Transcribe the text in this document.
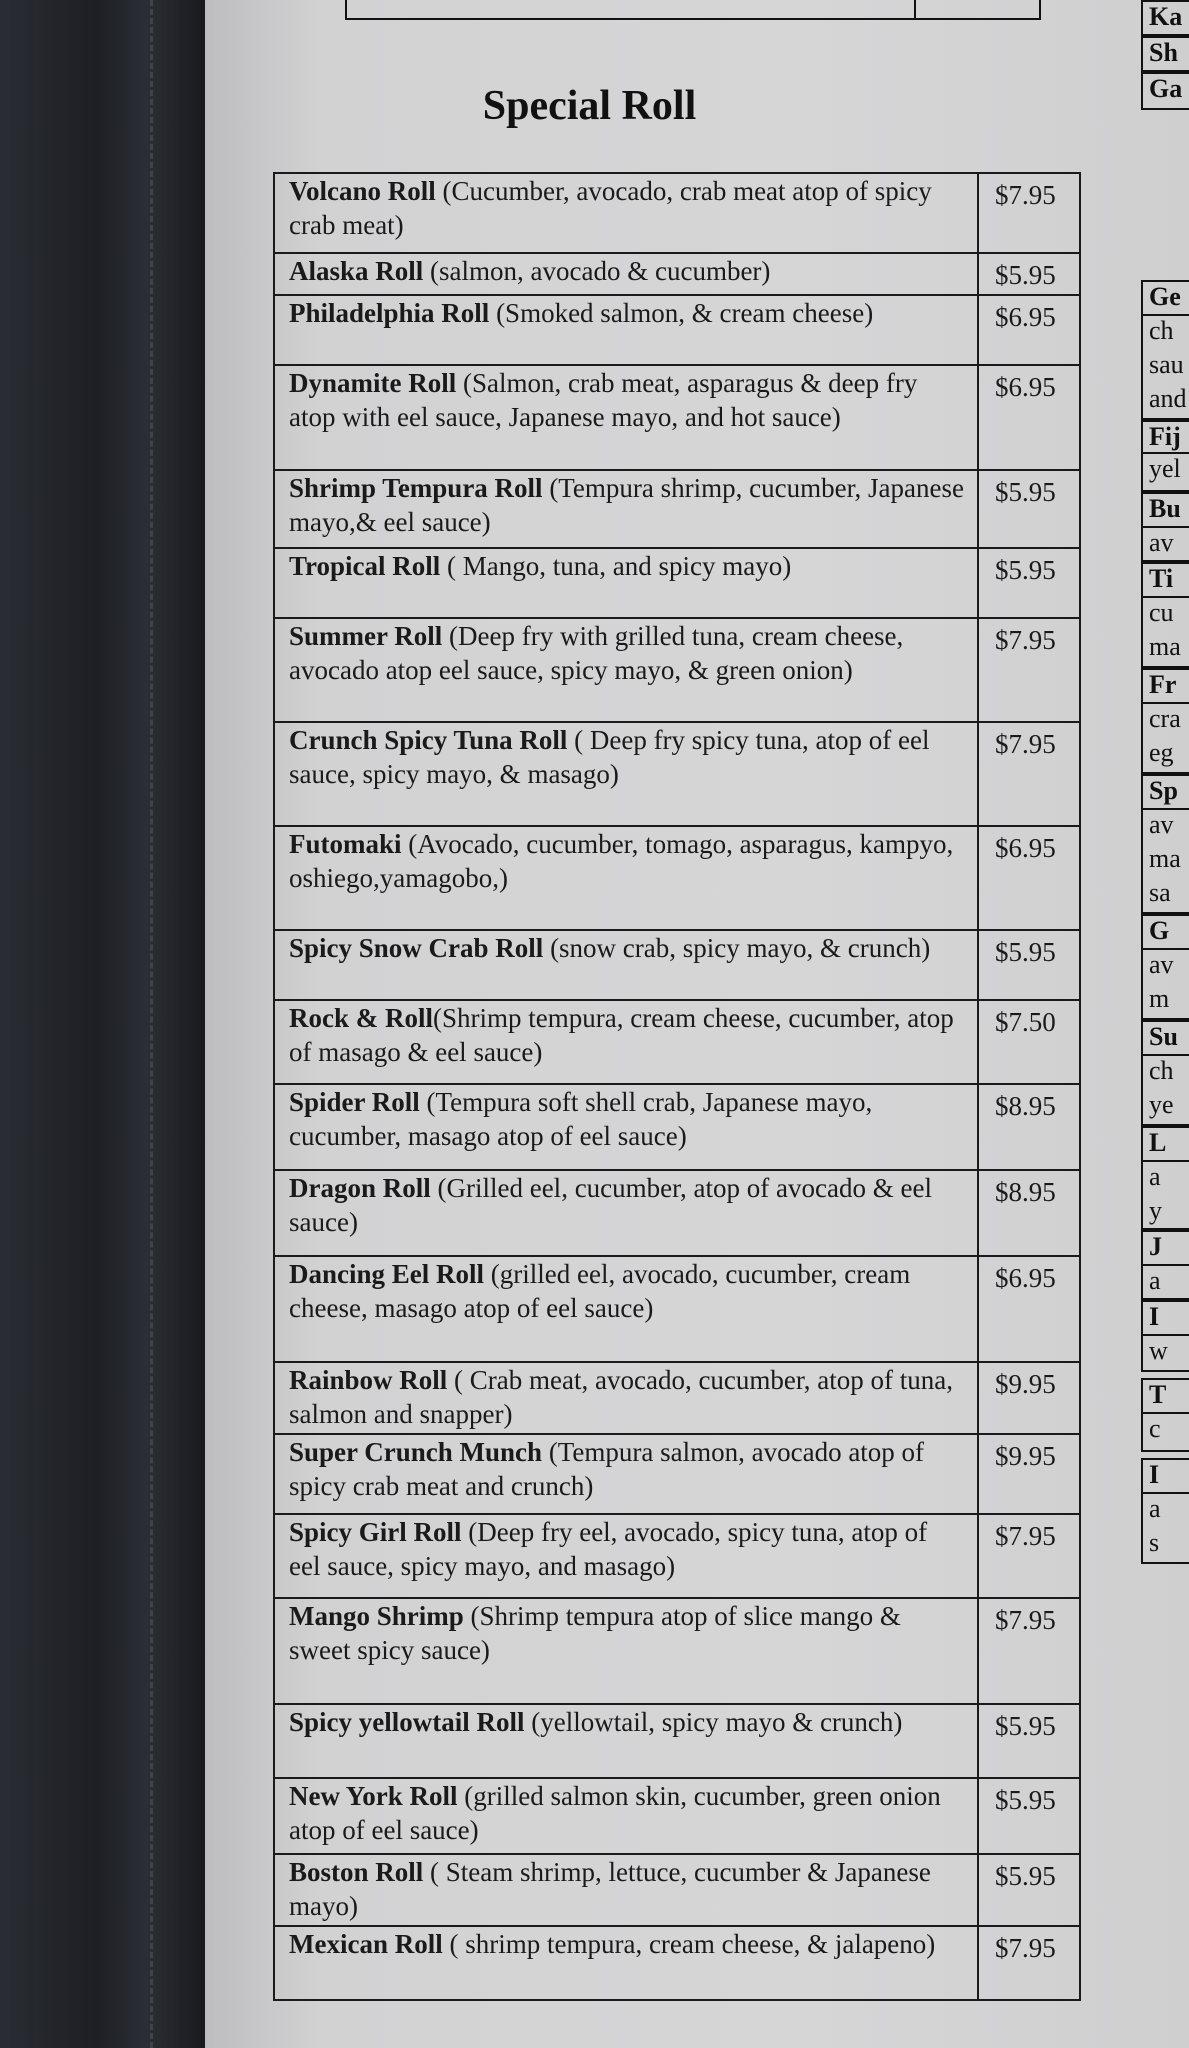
Special Roll
Volcano Roll (Cucumber, avocado, crab meat atop of spicy crab meat)	$7.95
Alaska Roll (salmon, avocado & cucumber)	$5.95
Philadelphia Roll (Smoked salmon, & cream cheese)	$6.95
Dynamite Roll (Salmon, crab meat, asparagus & deep fry atop with eel sauce, Japanese mayo, and hot sauce)	$6.95
Shrimp Tempura Roll (Tempura shrimp, cucumber, Japanese mayo,& eel sauce)	$5.95
Tropical Roll ( Mango, tuna, and spicy mayo)	$5.95
Summer Roll (Deep fry with grilled tuna, cream cheese, avocado atop eel sauce, spicy mayo, & green onion)	$7.95
Crunch Spicy Tuna Roll ( Deep fry spicy tuna, atop of eel sauce, spicy mayo, & masago)	$7.95
Futomaki (Avocado, cucumber, tomago, asparagus, kampyo, oshiego,yamagobo,)	$6.95
Spicy Snow Crab Roll (snow crab, spicy mayo, & crunch)	$5.95
Rock & Roll(Shrimp tempura, cream cheese, cucumber, atop of masago & eel sauce)	$7.50
Spider Roll (Tempura soft shell crab, Japanese mayo, cucumber, masago atop of eel sauce)	$8.95
Dragon Roll (Grilled eel, cucumber, atop of avocado & eel sauce)	$8.95
Dancing Eel Roll (grilled eel, avocado, cucumber, cream cheese, masago atop of eel sauce)	$6.95
Rainbow Roll ( Crab meat, avocado, cucumber, atop of tuna, salmon and snapper)	$9.95
Super Crunch Munch (Tempura salmon, avocado atop of spicy crab meat and crunch)	$9.95
Spicy Girl Roll (Deep fry eel, avocado, spicy tuna, atop of eel sauce, spicy mayo, and masago)	$7.95
Mango Shrimp (Shrimp tempura atop of slice mango & sweet spicy sauce)	$7.95
Spicy yellowtail Roll (yellowtail, spicy mayo & crunch)	$5.95
New York Roll (grilled salmon skin, cucumber, green onion atop of eel sauce)	$5.95
Boston Roll ( Steam shrimp, lettuce, cucumber & Japanese mayo)	$5.95
Mexican Roll ( shrimp tempura, cream cheese, & jalapeno)	$7.95
Ka
Sh
Ga
Ge
ch
sau
and
Fij
yel
Bu
av
Ti
cu
ma
Fr
cra
eg
Sp
av
ma
sa
G
av
m
Su
ch
ye
L
a
y
J
a
I
w
T
c
I
a
s
